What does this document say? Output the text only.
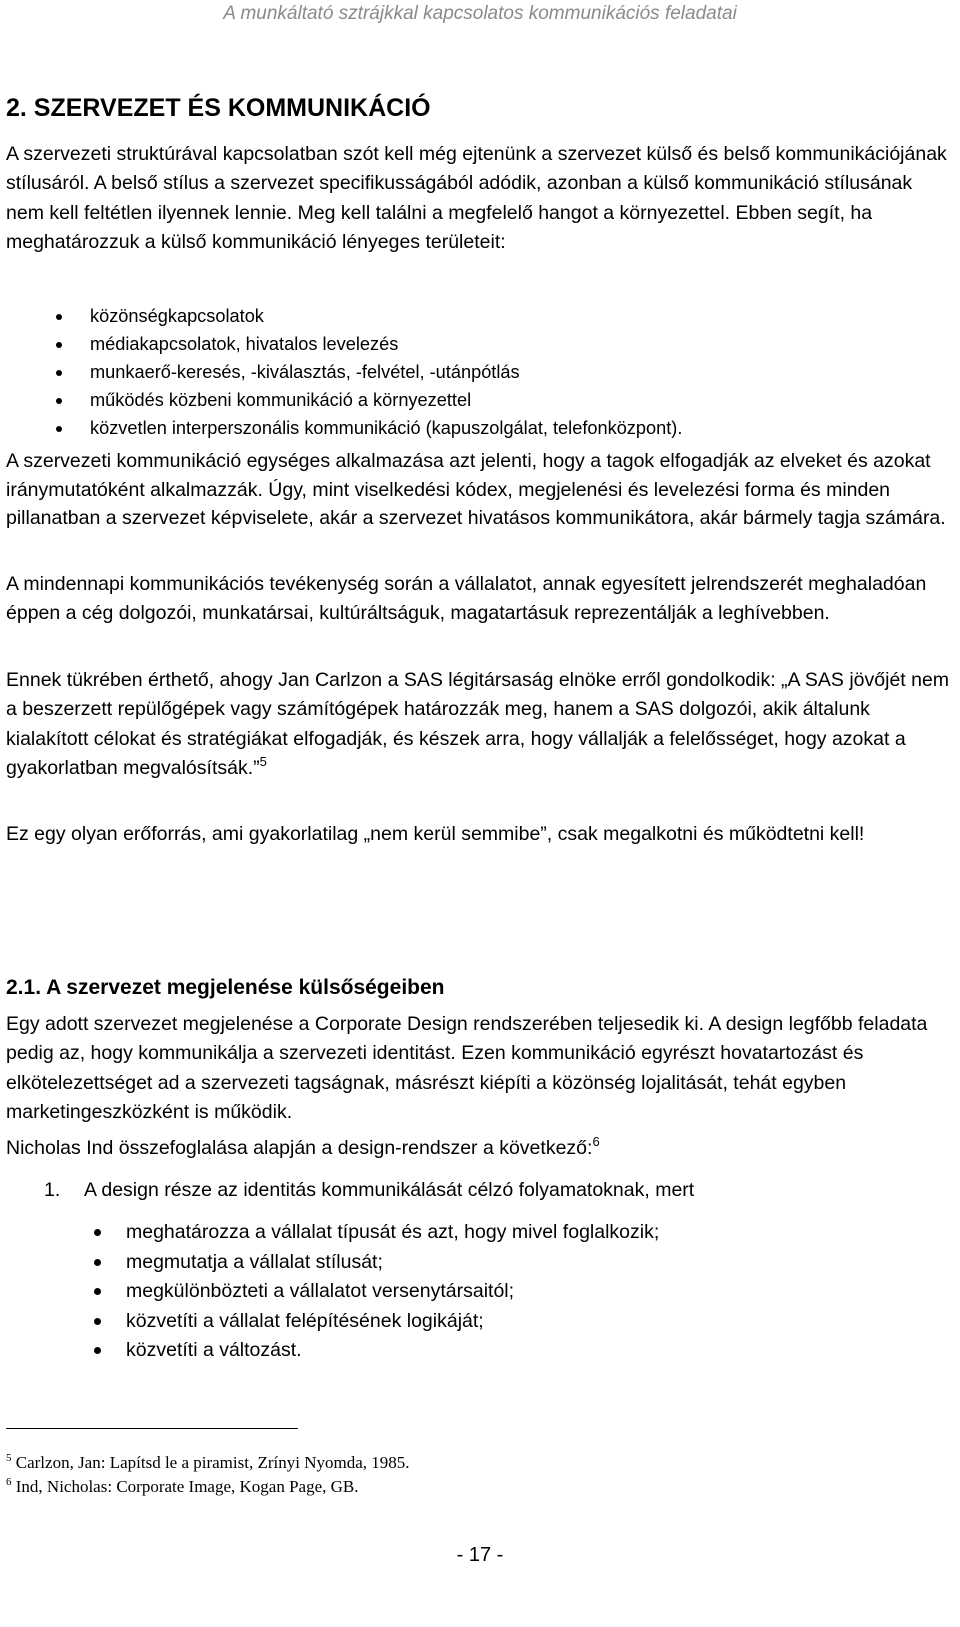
A munkáltató sztrájkkal kapcsolatos kommunikációs feladatai
2. SZERVEZET ÉS KOMMUNIKÁCIÓ

A szervezeti struktúrával kapcsolatban szót kell még ejtenünk a szervezet külső és belső kommunikációjának stílusáról. A belső stílus a szervezet specifikusságából adódik, azonban a külső kommunikáció stílusának nem kell feltétlen ilyennek lennie. Meg kell találni a megfelelő hangot a környezettel. Ebben segít, ha meghatározzuk a külső kommunikáció lényeges területeit:

közönségkapcsolatok
médiakapcsolatok, hivatalos levelezés
munkaerő-keresés, -kiválasztás, -felvétel, -utánpótlás
működés közbeni kommunikáció a környezettel
közvetlen interperszonális kommunikáció (kapuszolgálat, telefonközpont).

A szervezeti kommunikáció egységes alkalmazása azt jelenti, hogy a tagok elfogadják az elveket és azokat iránymutatóként alkalmazzák. Úgy, mint viselkedési kódex, megjelenési és levelezési forma és minden pillanatban a szervezet képviselete, akár a szervezet hivatásos kommunikátora, akár bármely tagja számára.

A mindennapi kommunikációs tevékenység során a vállalatot, annak egyesített jelrendszerét meghaladóan éppen a cég dolgozói, munkatársai, kultúráltságuk, magatartásuk reprezentálják a leghívebben.

Ennek tükrében érthető, ahogy Jan Carlzon a SAS légitársaság elnöke erről gondolkodik: „A SAS jövőjét nem a beszerzett repülőgépek vagy számítógépek határozzák meg, hanem a SAS dolgozói, akik általunk kialakított célokat és stratégiákat elfogadják, és készek arra, hogy vállalják a felelősséget, hogy azokat a gyakorlatban megvalósítsák.”$^5$

Ez egy olyan erőforrás, ami gyakorlatilag „nem kerül semmibe”, csak megalkotni és működtetni kell!

2.1. A szervezet megjelenése külsőségeiben

Egy adott szervezet megjelenése a Corporate Design rendszerében teljesedik ki. A design legfőbb feladata pedig az, hogy kommunikálja a szervezeti identitást. Ezen kommunikáció egyrészt hovatartozást és elkötelezettséget ad a szervezeti tagságnak, másrészt kiépíti a közönség lojalitását, tehát egyben marketingeszközként is működik.

Nicholas Ind összefoglalása alapján a design-rendszer a következő:$^6$

1. A design része az identitás kommunikálását célzó folyamatoknak, mert
meghatározza a vállalat típusát és azt, hogy mivel foglalkozik;
megmutatja a vállalat stílusát;
megkülönbözteti a vállalatot versenytársaitól;
közvetíti a vállalat felépítésének logikáját;
közvetíti a változást.
$^5$ Carlzon, Jan: Lapítsd le a piramist, Zrínyi Nyomda, 1985.
$^6$ Ind, Nicholas: Corporate Image, Kogan Page, GB.
- 17 -
